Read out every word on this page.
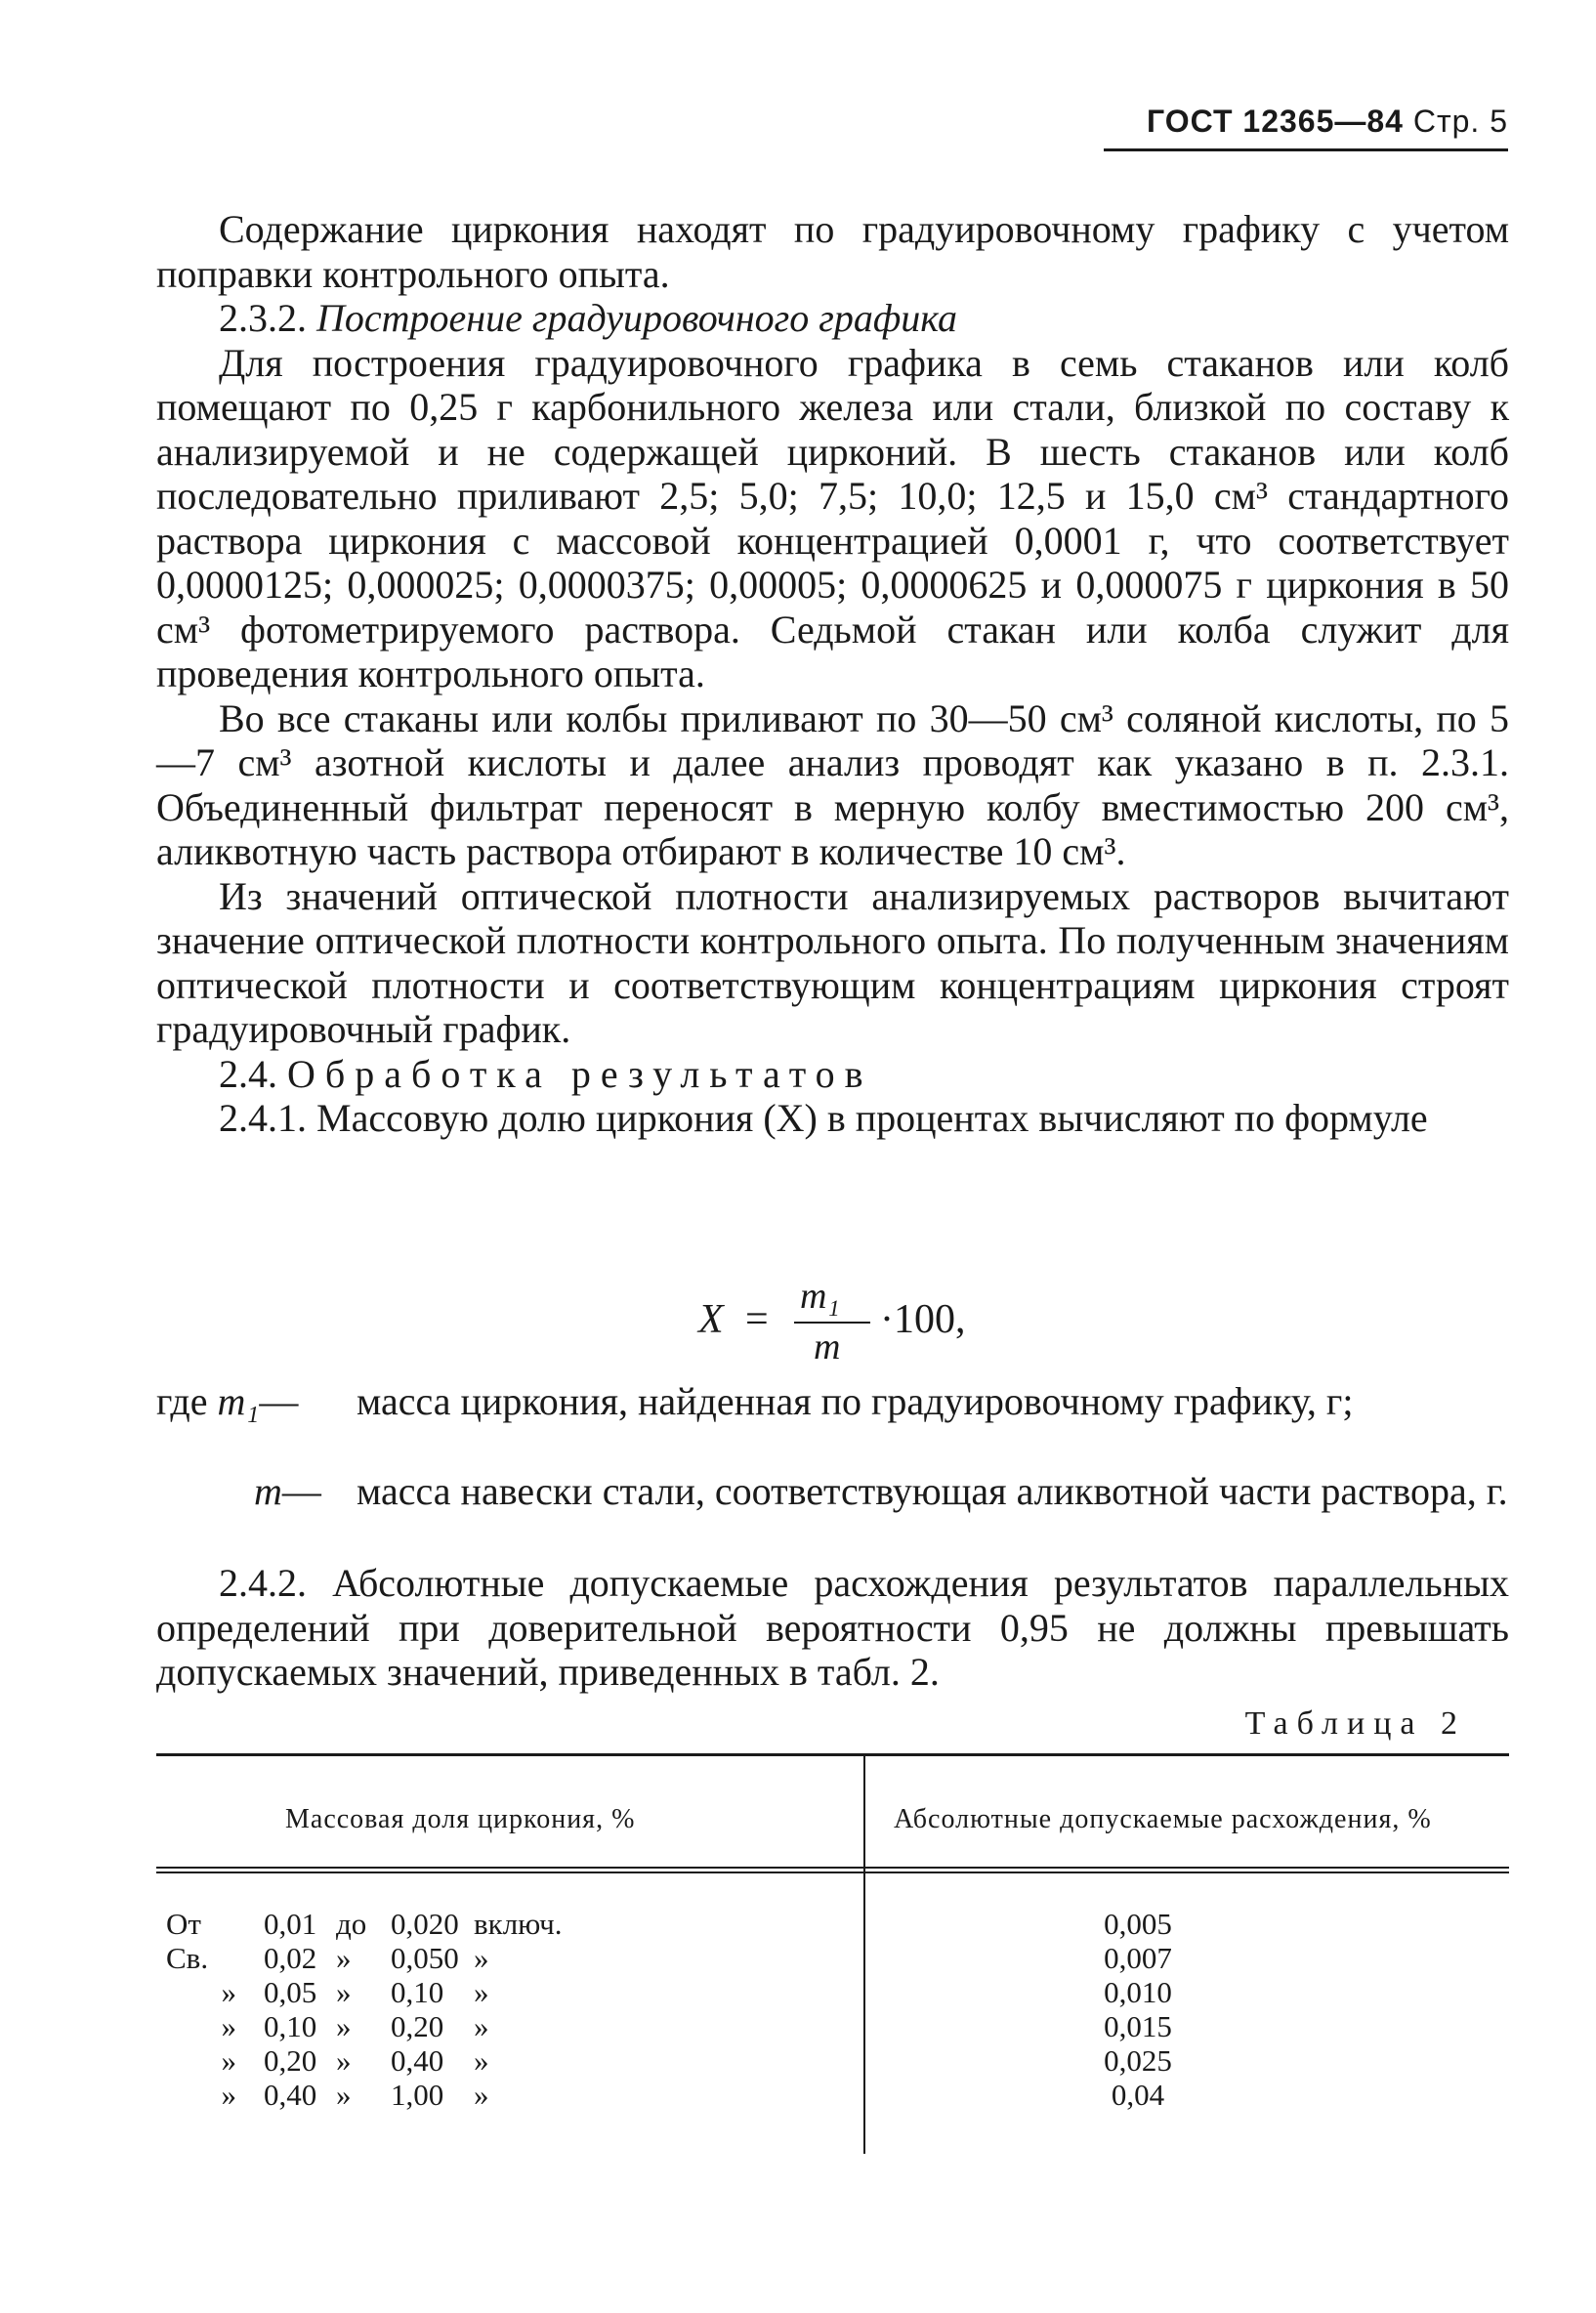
ГОСТ 12365—84 Стр. 5

Содержание циркония находят по градуировочному графику с учетом поправки контрольного опыта.

2.3.2. Построение градуировочного графика

Для построения градуировочного графика в семь стаканов или колб помещают по 0,25 г карбонильного железа или стали, близкой по составу к анализируемой и не содержащей цирконий. В шесть стаканов или колб последовательно приливают 2,5; 5,0; 7,5; 10,0; 12,5 и 15,0 см³ стандартного раствора циркония с массовой концентрацией 0,0001 г, что соответствует 0,0000125; 0,000025; 0,0000375; 0,00005; 0,0000625 и 0,000075 г циркония в 50 см³ фотометрируемого раствора. Седьмой стакан или колба служит для проведения контрольного опыта.

Во все стаканы или колбы приливают по 30—50 см³ соляной кислоты, по 5—7 см³ азотной кислоты и далее анализ проводят как указано в п. 2.3.1. Объединенный фильтрат переносят в мерную колбу вместимостью 200 см³, аликвотную часть раствора отбирают в количестве 10 см³.

Из значений оптической плотности анализируемых растворов вычитают значение оптической плотности контрольного опыта. По полученным значениям оптической плотности и соответствующим концентрациям циркония строят градуировочный график.

2.4. Обработка результатов

2.4.1. Массовую долю циркония (X) в процентах вычисляют по формуле

X =
m₁
m
·100,
где m₁— масса циркония, найденная по градуировочному графику, г;
m— масса навески стали, соответствующая аликвотной части раствора, г.

2.4.2. Абсолютные допускаемые расхождения результатов параллельных определений при доверительной вероятности 0,95 не должны превышать допускаемых значений, приведенных в табл. 2.

Таблица 2
Массовая доля циркония, %	Абсолютные допускаемые расхождения, %
От	0,01 до 0,020 включ.	0,005
Св.	0,02 » 0,050 »	0,007
» 0,05 » 0,10 »	0,010
» 0,10 » 0,20 »	0,015
» 0,20 » 0,40 »	0,025
» 0,40 » 1,00 »	0,04
